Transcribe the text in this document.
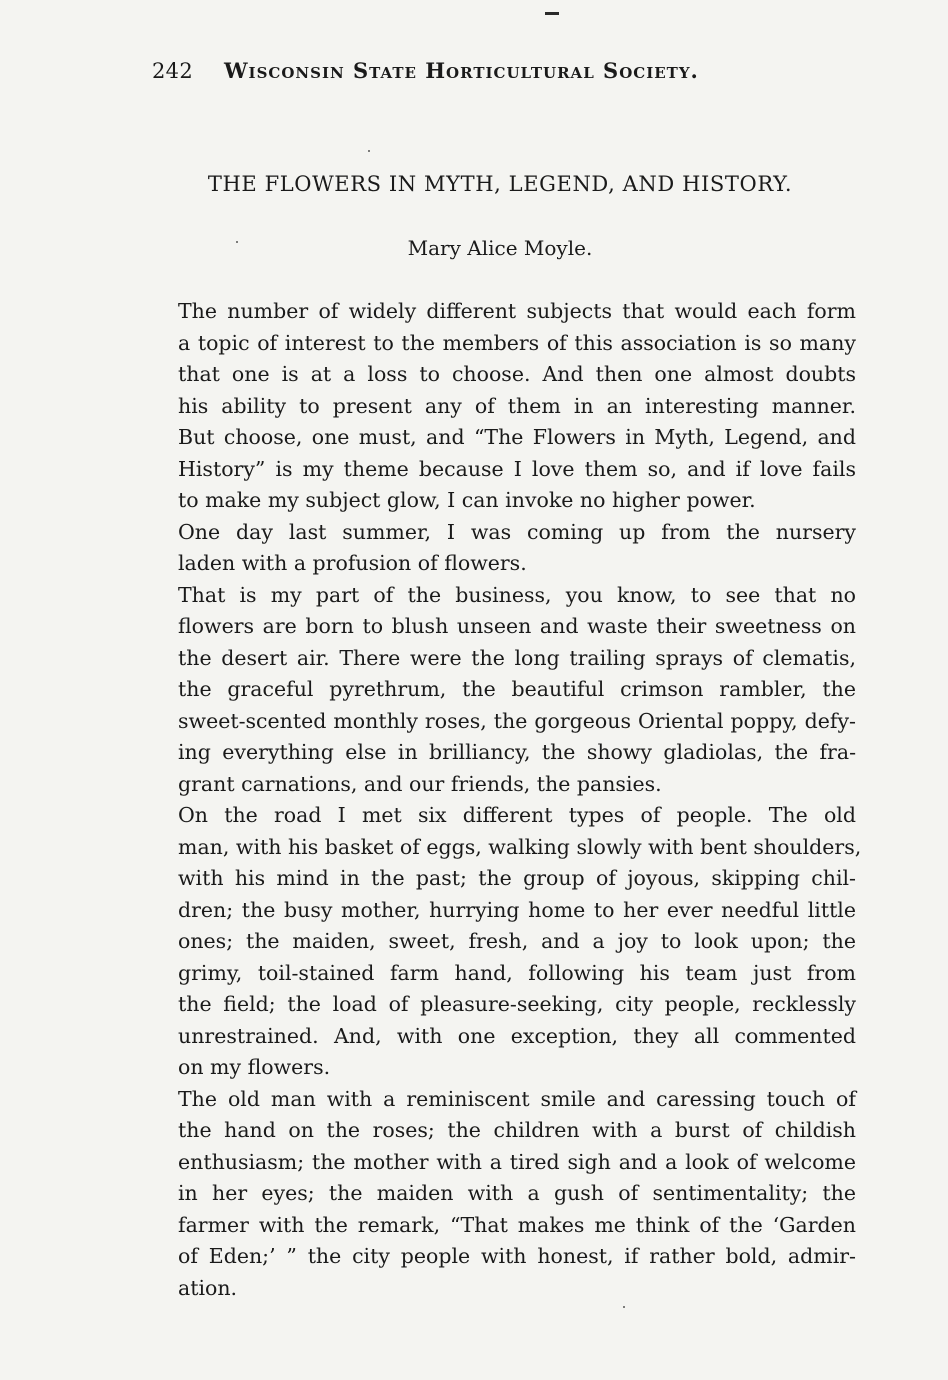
242 Wisconsin State Horticultural Society.
THE FLOWERS IN MYTH, LEGEND, AND HISTORY.
Mary Alice Moyle.

The number of widely different subjects that would each form
a topic of interest to the members of this association is so many
that one is at a loss to choose. And then one almost doubts
his ability to present any of them in an interesting manner.
But choose, one must, and “The Flowers in Myth, Legend, and
History” is my theme because I love them so, and if love fails
to make my subject glow, I can invoke no higher power.

One day last summer, I was coming up from the nursery
laden with a profusion of flowers.

That is my part of the business, you know, to see that no
flowers are born to blush unseen and waste their sweetness on
the desert air. There were the long trailing sprays of clematis,
the graceful pyrethrum, the beautiful crimson rambler, the
sweet-scented monthly roses, the gorgeous Oriental poppy, defy-
ing everything else in brilliancy, the showy gladiolas, the fra-
grant carnations, and our friends, the pansies.

On the road I met six different types of people. The old
man, with his basket of eggs, walking slowly with bent shoulders,
with his mind in the past; the group of joyous, skipping chil-
dren; the busy mother, hurrying home to her ever needful little
ones; the maiden, sweet, fresh, and a joy to look upon; the
grimy, toil-stained farm hand, following his team just from
the field; the load of pleasure-seeking, city people, recklessly
unrestrained. And, with one exception, they all commented
on my flowers.

The old man with a reminiscent smile and caressing touch of
the hand on the roses; the children with a burst of childish
enthusiasm; the mother with a tired sigh and a look of welcome
in her eyes; the maiden with a gush of sentimentality; the
farmer with the remark, “That makes me think of the ‘Garden
of Eden;’ ” the city people with honest, if rather bold, admir-
ation.
